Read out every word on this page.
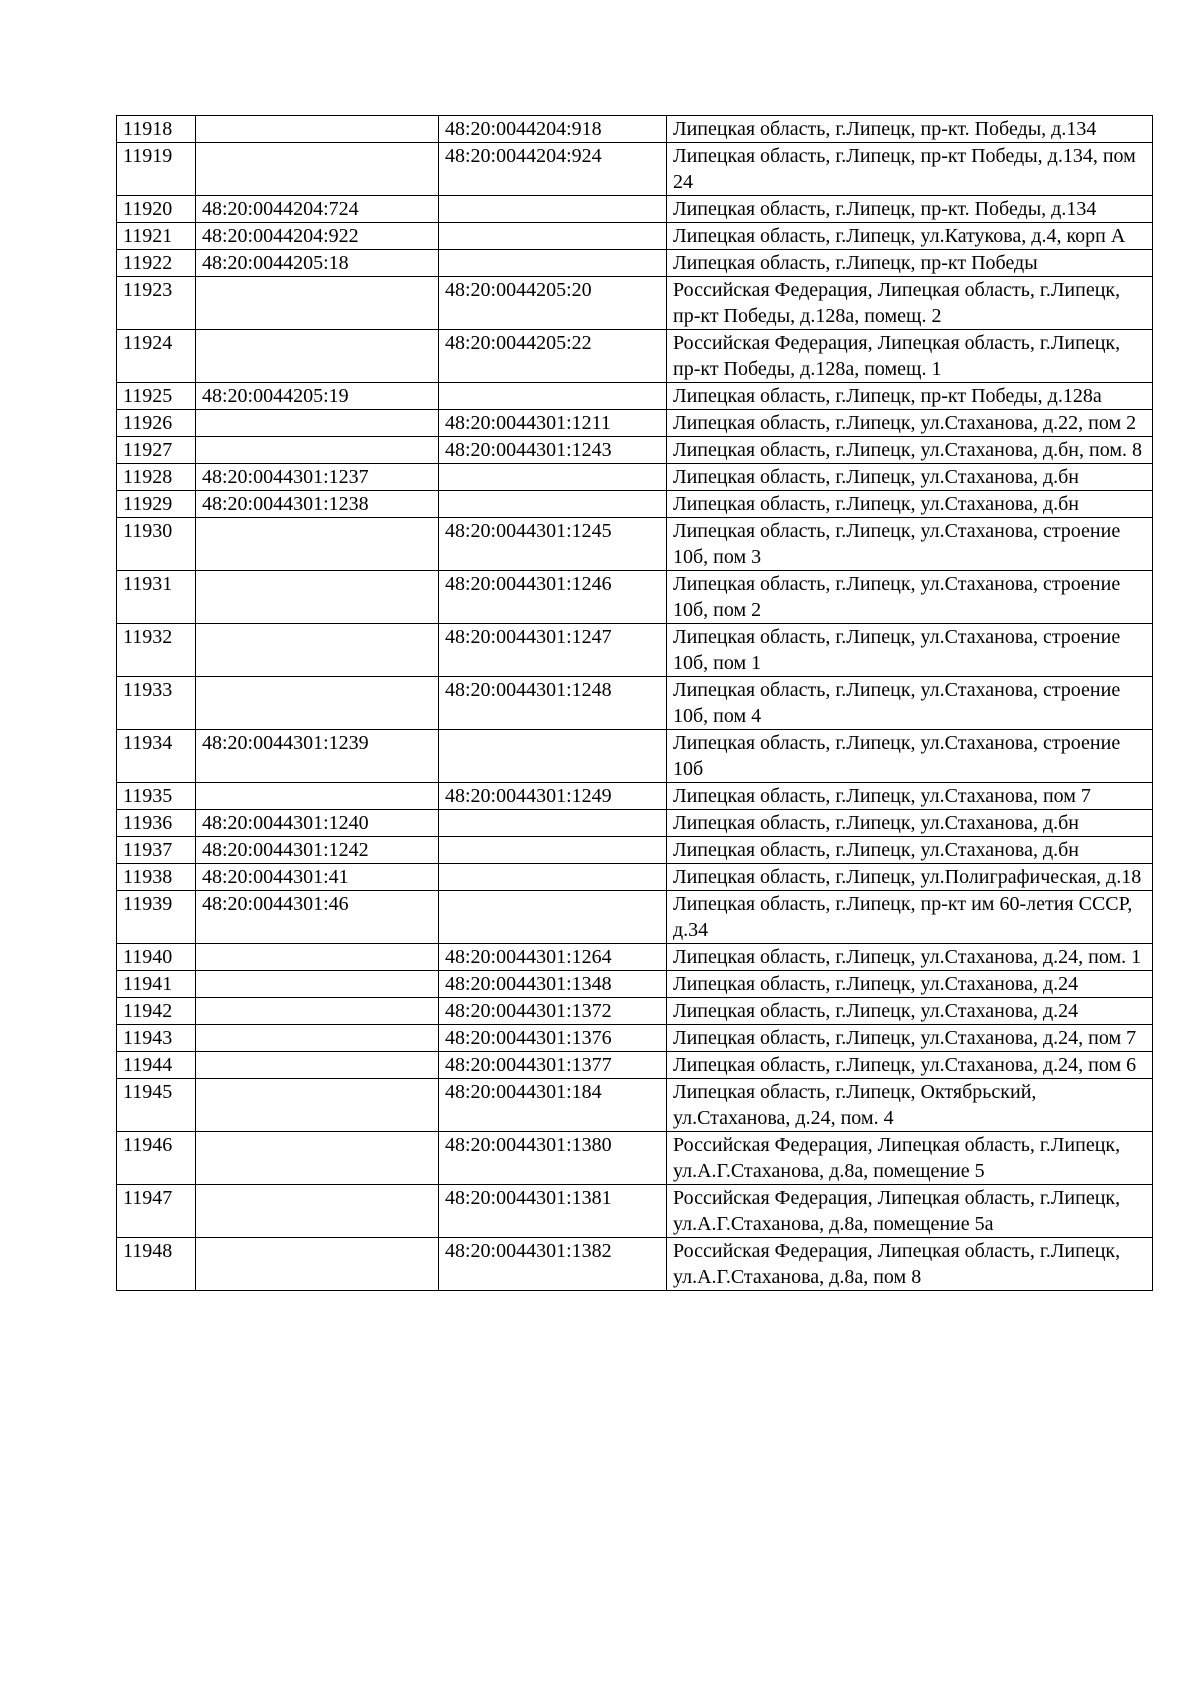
11918		48:20:0044204:918	Липецкая область, г.Липецк, пр-кт. Победы, д.134
11919		48:20:0044204:924	Липецкая область, г.Липецк, пр-кт Победы, д.134, пом 24
11920	48:20:0044204:724		Липецкая область, г.Липецк, пр-кт. Победы, д.134
11921	48:20:0044204:922		Липецкая область, г.Липецк, ул.Катукова, д.4, корп А
11922	48:20:0044205:18		Липецкая область, г.Липецк, пр-кт Победы
11923		48:20:0044205:20	Российская Федерация, Липецкая область, г.Липецк, пр-кт Победы, д.128а, помещ. 2
11924		48:20:0044205:22	Российская Федерация, Липецкая область, г.Липецк, пр-кт Победы, д.128а, помещ. 1
11925	48:20:0044205:19		Липецкая область, г.Липецк, пр-кт Победы, д.128а
11926		48:20:0044301:1211	Липецкая область, г.Липецк, ул.Стаханова, д.22, пом 2
11927		48:20:0044301:1243	Липецкая область, г.Липецк, ул.Стаханова, д.бн, пом. 8
11928	48:20:0044301:1237		Липецкая область, г.Липецк, ул.Стаханова, д.бн
11929	48:20:0044301:1238		Липецкая область, г.Липецк, ул.Стаханова, д.бн
11930		48:20:0044301:1245	Липецкая область, г.Липецк, ул.Стаханова, строение 10б, пом 3
11931		48:20:0044301:1246	Липецкая область, г.Липецк, ул.Стаханова, строение 10б, пом 2
11932		48:20:0044301:1247	Липецкая область, г.Липецк, ул.Стаханова, строение 10б, пом 1
11933		48:20:0044301:1248	Липецкая область, г.Липецк, ул.Стаханова, строение 10б, пом 4
11934	48:20:0044301:1239		Липецкая область, г.Липецк, ул.Стаханова, строение 10б
11935		48:20:0044301:1249	Липецкая область, г.Липецк, ул.Стаханова, пом 7
11936	48:20:0044301:1240		Липецкая область, г.Липецк, ул.Стаханова, д.бн
11937	48:20:0044301:1242		Липецкая область, г.Липецк, ул.Стаханова, д.бн
11938	48:20:0044301:41		Липецкая область, г.Липецк, ул.Полиграфическая, д.18
11939	48:20:0044301:46		Липецкая область, г.Липецк, пр-кт им 60-летия СССР, д.34
11940		48:20:0044301:1264	Липецкая область, г.Липецк, ул.Стаханова, д.24, пом. 1
11941		48:20:0044301:1348	Липецкая область, г.Липецк, ул.Стаханова, д.24
11942		48:20:0044301:1372	Липецкая область, г.Липецк, ул.Стаханова, д.24
11943		48:20:0044301:1376	Липецкая область, г.Липецк, ул.Стаханова, д.24, пом 7
11944		48:20:0044301:1377	Липецкая область, г.Липецк, ул.Стаханова, д.24, пом 6
11945		48:20:0044301:184	Липецкая область, г.Липецк, Октябрьский, ул.Стаханова, д.24, пом. 4
11946		48:20:0044301:1380	Российская Федерация, Липецкая область, г.Липецк, ул.А.Г.Стаханова, д.8а, помещение 5
11947		48:20:0044301:1381	Российская Федерация, Липецкая область, г.Липецк, ул.А.Г.Стаханова, д.8а, помещение 5а
11948		48:20:0044301:1382	Российская Федерация, Липецкая область, г.Липецк, ул.А.Г.Стаханова, д.8а, пом 8
